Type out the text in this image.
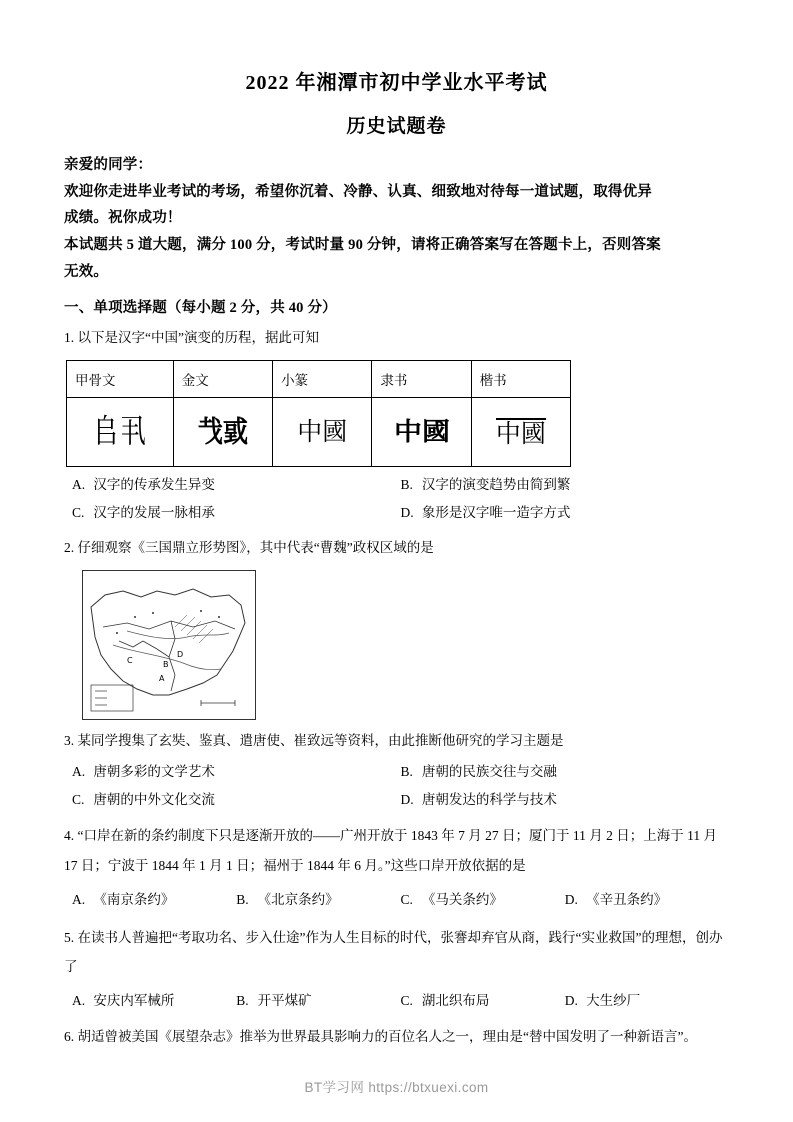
2022 年湘潭市初中学业水平考试
历史试题卷
亲爱的同学：
欢迎你走进毕业考试的考场，希望你沉着、冷静、认真、细致地对待每一道试题，取得优异
成绩。祝你成功！
本试题共 5 道大题，满分 100 分，考试时量 90 分钟，请将正确答案写在答题卡上，否则答案
无效。
一、单项选择题（每小题 2 分，共 40 分）
1. 以下是汉字“中国”演变的历程，据此可知
甲骨文	金文	小篆	隶书	楷书
𠂤丮	𢦏戜	中國	中國	中國
A. 汉字的传承发生异变	B. 汉字的演变趋势由简到繁
C. 汉字的发展一脉相承	D. 象形是汉字唯一造字方式
2. 仔细观察《三国鼎立形势图》，其中代表“曹魏”政权区域的是
D
B
A
C
3. 某同学搜集了玄奘、鉴真、遣唐使、崔致远等资料，由此推断他研究的学习主题是
A. 唐朝多彩的文学艺术	B. 唐朝的民族交往与交融
C. 唐朝的中外文化交流	D. 唐朝发达的科学与技术
4. “口岸在新的条约制度下只是逐渐开放的——广州开放于 1843 年 7 月 27 日；厦门于 11 月 2 日；上海于 11 月 17 日；宁波于 1844 年 1 月 1 日；福州于 1844 年 6 月。”这些口岸开放依据的是
A. 《南京条约》	B. 《北京条约》	C. 《马关条约》	D. 《辛丑条约》
5. 在读书人普遍把“考取功名、步入仕途”作为人生目标的时代，张謇却弃官从商，践行“实业救国”的理想，创办了
A. 安庆内军械所	B. 开平煤矿	C. 湖北织布局	D. 大生纱厂
6. 胡适曾被美国《展望杂志》推举为世界最具影响力的百位名人之一，理由是“替中国发明了一种新语言”。
BT学习网 https://btxuexi.com
